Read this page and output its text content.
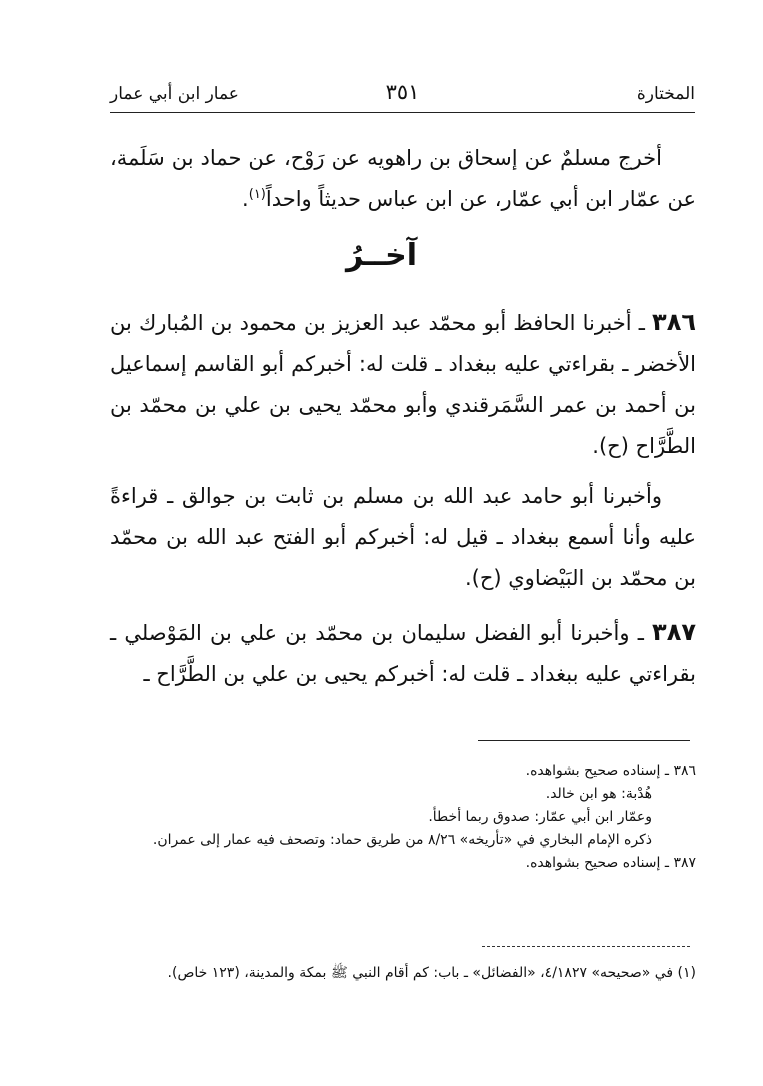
المختارة
٣٥١
عمار ابن أبي عمار
أخرج مسلمٌ عن إسحاق بن راهويه عن رَوْح، عن حماد بن سَلَمة، عن عمّار ابن أبي عمّار، عن ابن عباس حديثاً واحداً$^{(١)}$.
آخــرُ
٣٨٦ ـ أخبرنا الحافظ أبو محمّد عبد العزيز بن محمود بن المُبارك بن الأخضر ـ بقراءتي عليه ببغداد ـ قلت له: أخبركم أبو القاسم إسماعيل بن أحمد بن عمر السَّمَرقندي وأبو محمّد يحيى بن علي بن محمّد بن الطَّرَّاح (ح).
وأخبرنا أبو حامد عبد الله بن مسلم بن ثابت بن جوالق ـ قراءةً عليه وأنا أسمع ببغداد ـ قيل له: أخبركم أبو الفتح عبد الله بن محمّد بن محمّد بن البَيْضاوي (ح).
٣٨٧ ـ وأخبرنا أبو الفضل سليمان بن محمّد بن علي بن المَوْصلي ـ بقراءتي عليه ببغداد ـ قلت له: أخبركم يحيى بن علي بن الطَّرَّاح ـ
٣٨٦ ـ إسناده صحيح بشواهده.
هُدْبة: هو ابن خالد.
وعمّار ابن أبي عمّار: صدوق ربما أخطأ.
ذكره الإمام البخاري في «تأريخه» ٨/٢٦ من طريق حماد: وتصحف فيه عمار إلى عمران.
٣٨٧ ـ إسناده صحيح بشواهده.
(١) في «صحيحه» ٤/١٨٢٧، «الفضائل» ـ باب: كم أقام النبي ﷺ بمكة والمدينة، (١٢٣ خاص).
